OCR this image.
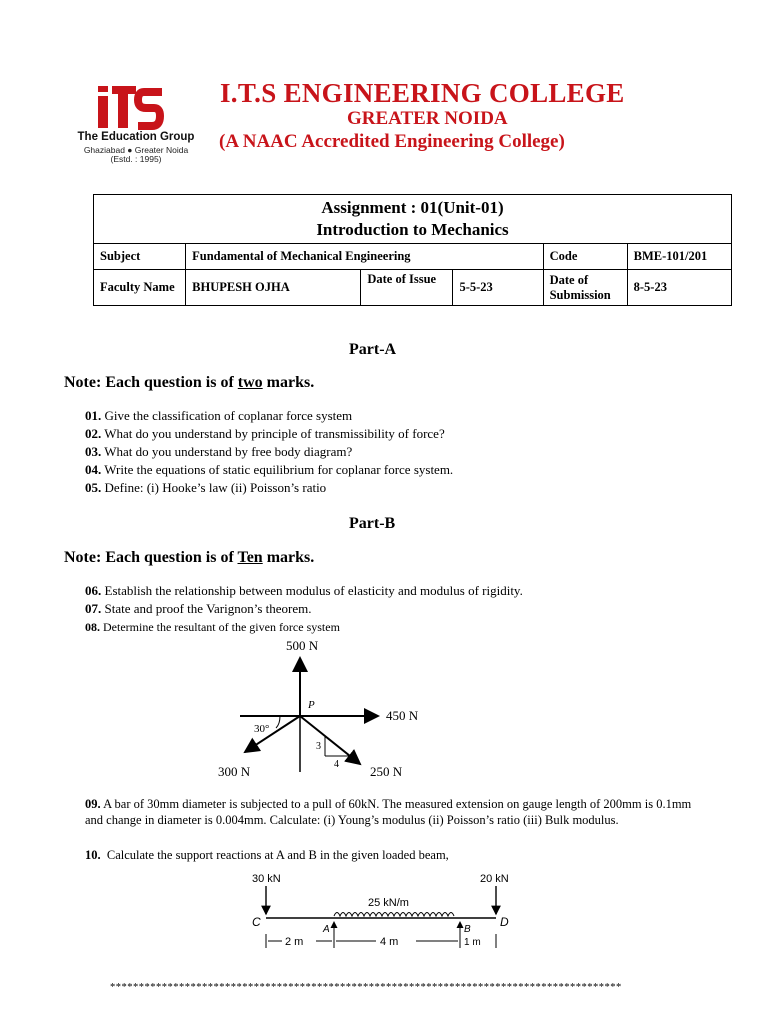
The Education Group
Ghaziabad ● Greater Noida
(Estd. : 1995)
I.T.S ENGINEERING COLLEGE
GREATER NOIDA
(A NAAC Accredited Engineering College)
Assignment : 01(Unit-01)
Introduction to Mechanics					

Subject	Fundamental of Mechanical Engineering			Code	BME-101/201
Faculty Name	BHUPESH OJHA	Date of Issue	5-5-23	Date of Submission	8-5-23
Part-A
Note: Each question is of two marks.
01. Give the classification of coplanar force system
02. What do you understand by principle of transmissibility of force?
03. What do you understand by free body diagram?
04. Write the equations of static equilibrium for coplanar force system.
05. Define: (i) Hooke’s law (ii) Poisson’s ratio
Part-B
Note: Each question is of Ten marks.
06. Establish the relationship between modulus of elasticity and modulus of rigidity.
07. State and proof the Varignon’s theorem.
08. Determine the resultant of the given force system
500 N
450 N
300 N	250 N
P
30°
3
4
09. A bar of 30mm diameter is subjected to a pull of 60kN. The measured extension on gauge length of 200mm is 0.1mm and change in diameter is 0.004mm. Calculate: (i) Young’s modulus (ii) Poisson’s ratio (iii) Bulk modulus.
10. Calculate the support reactions at A and B in the given loaded beam,
30 kN	20 kN
25 kN/m
C
A	B
D
2 m	4 m	1 m
*****************************************************************************************
